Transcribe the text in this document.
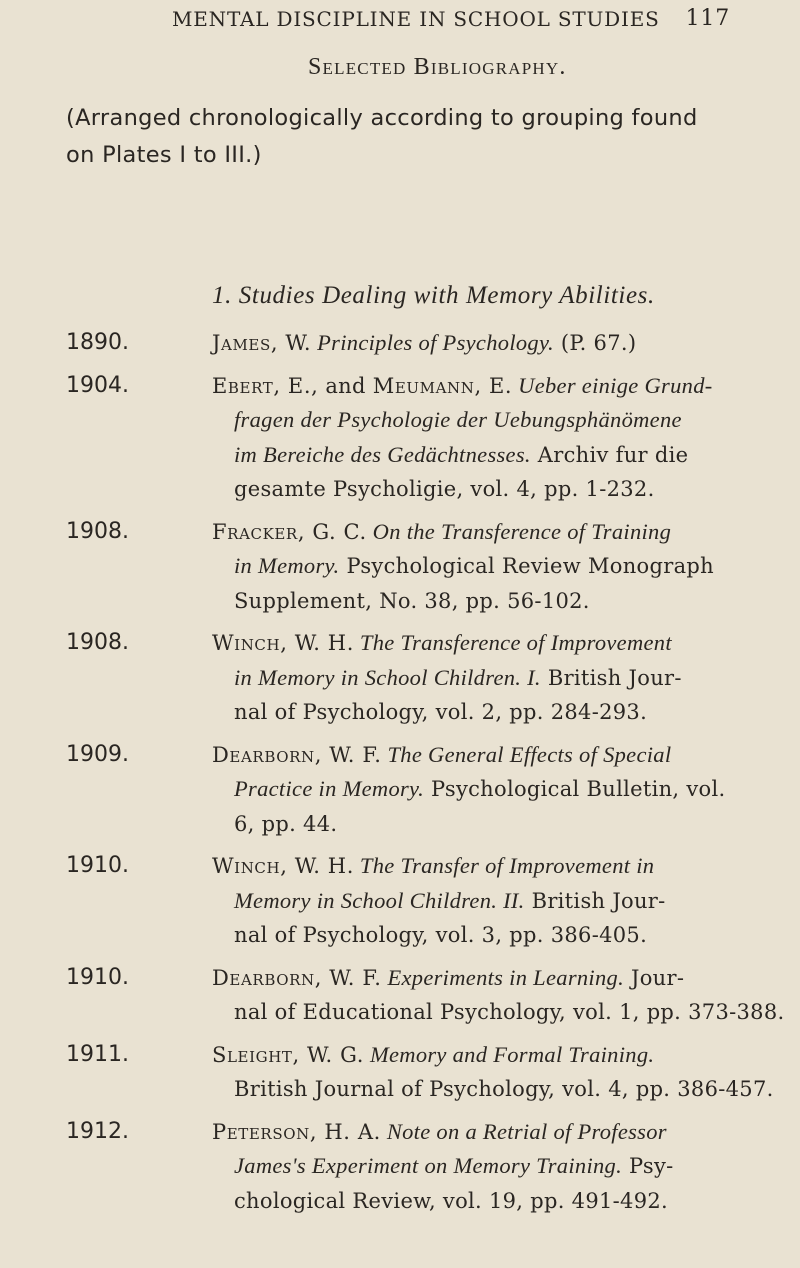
MENTAL DISCIPLINE IN SCHOOL STUDIES 117
Selected Bibliography.
(Arranged chronologically according to grouping found
on Plates I to III.)
1. Studies Dealing with Memory Abilities.
1890.	James, W. Principles of Psychology. (P. 67.)
1904.	Ebert, E., and Meumann, E. Ueber einige Grund-
fragen der Psychologie der Uebungsphänömene
im Bereiche des Gedächtnesses. Archiv fur die
gesamte Psycholigie, vol. 4, pp. 1-232.
1908.	Fracker, G. C. On the Transference of Training
in Memory. Psychological Review Monograph
Supplement, No. 38, pp. 56-102.
1908.	Winch, W. H. The Transference of Improvement
in Memory in School Children. I. British Jour-
nal of Psychology, vol. 2, pp. 284-293.
1909.	Dearborn, W. F. The General Effects of Special
Practice in Memory. Psychological Bulletin, vol.
6, pp. 44.
1910.	Winch, W. H. The Transfer of Improvement in
Memory in School Children. II. British Jour-
nal of Psychology, vol. 3, pp. 386-405.
1910.	Dearborn, W. F. Experiments in Learning. Jour-
nal of Educational Psychology, vol. 1, pp. 373-388.
1911.	Sleight, W. G. Memory and Formal Training.
British Journal of Psychology, vol. 4, pp. 386-457.
1912.	Peterson, H. A. Note on a Retrial of Professor
James's Experiment on Memory Training. Psy-
chological Review, vol. 19, pp. 491-492.
